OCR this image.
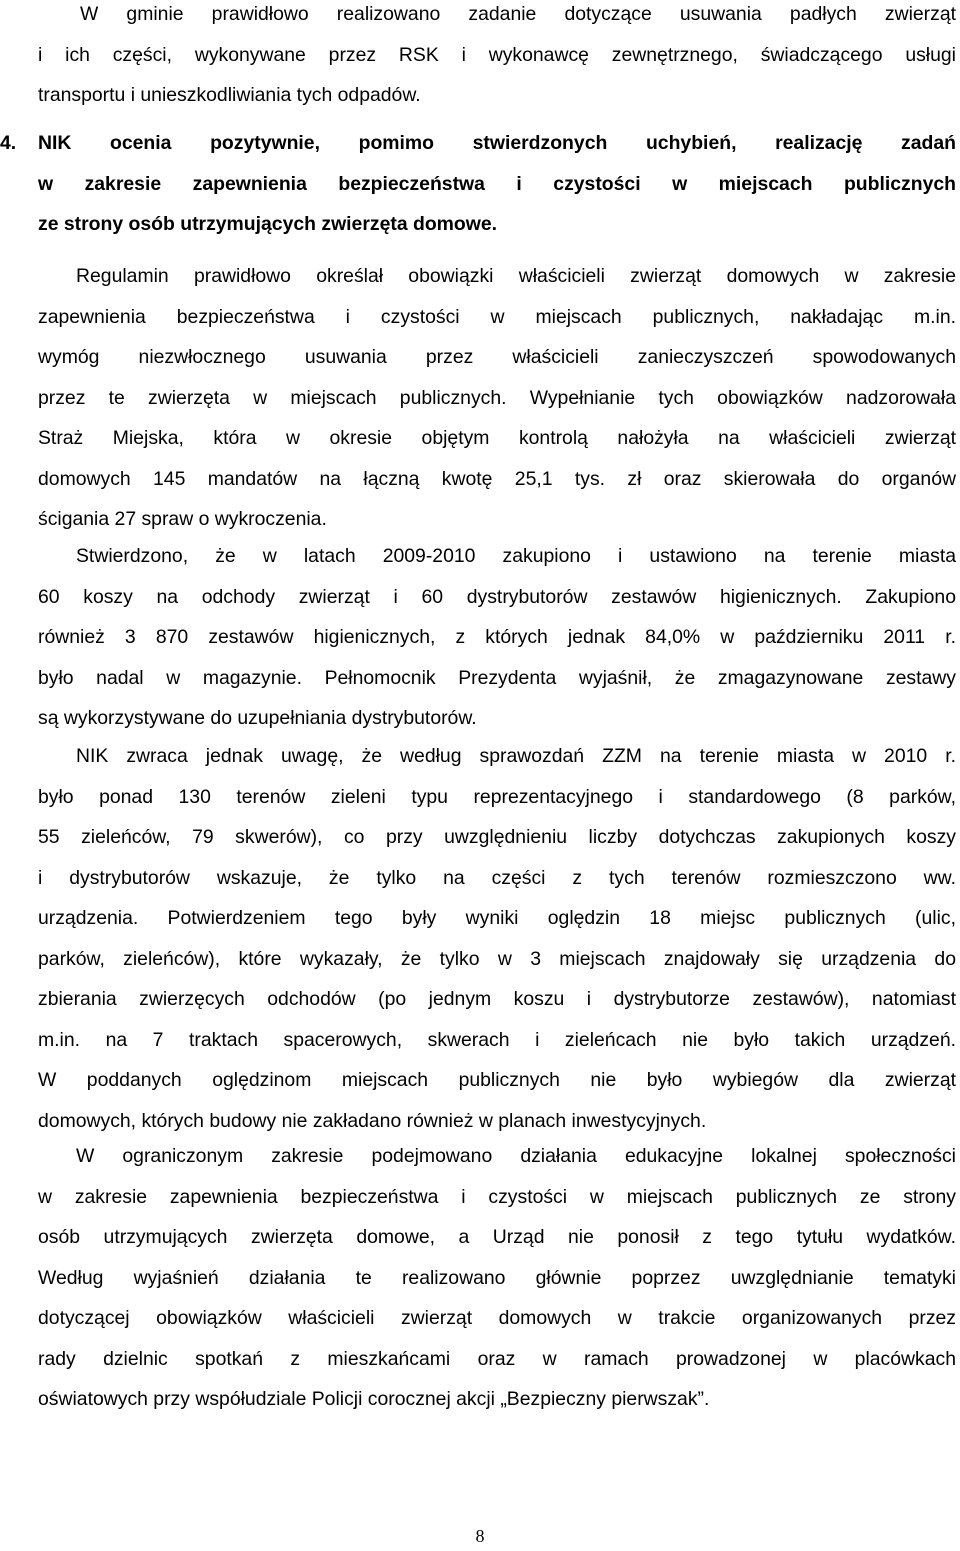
W gminie prawidłowo realizowano zadanie dotyczące usuwania padłych zwierząt
i ich części, wykonywane przez RSK i wykonawcę zewnętrznego, świadczącego usługi
transportu i unieszkodliwiania tych odpadów.
4. NIK ocenia pozytywnie, pomimo stwierdzonych uchybień, realizację zadań
w zakresie zapewnienia bezpieczeństwa i czystości w miejscach publicznych
ze strony osób utrzymujących zwierzęta domowe.
Regulamin prawidłowo określał obowiązki właścicieli zwierząt domowych w zakresie
zapewnienia bezpieczeństwa i czystości w miejscach publicznych, nakładając m.in.
wymóg niezwłocznego usuwania przez właścicieli zanieczyszczeń spowodowanych
przez te zwierzęta w miejscach publicznych. Wypełnianie tych obowiązków nadzorowała
Straż Miejska, która w okresie objętym kontrolą nałożyła na właścicieli zwierząt
domowych 145 mandatów na łączną kwotę 25,1 tys. zł oraz skierowała do organów
ścigania 27 spraw o wykroczenia.
Stwierdzono, że w latach 2009-2010 zakupiono i ustawiono na terenie miasta
60 koszy na odchody zwierząt i 60 dystrybutorów zestawów higienicznych. Zakupiono
również 3 870 zestawów higienicznych, z których jednak 84,0% w październiku 2011 r.
było nadal w magazynie. Pełnomocnik Prezydenta wyjaśnił, że zmagazynowane zestawy
są wykorzystywane do uzupełniania dystrybutorów.
NIK zwraca jednak uwagę, że według sprawozdań ZZM na terenie miasta w 2010 r.
było ponad 130 terenów zieleni typu reprezentacyjnego i standardowego (8 parków,
55 zieleńców, 79 skwerów), co przy uwzględnieniu liczby dotychczas zakupionych koszy
i dystrybutorów wskazuje, że tylko na części z tych terenów rozmieszczono ww.
urządzenia. Potwierdzeniem tego były wyniki oględzin 18 miejsc publicznych (ulic,
parków, zieleńców), które wykazały, że tylko w 3 miejscach znajdowały się urządzenia do
zbierania zwierzęcych odchodów (po jednym koszu i dystrybutorze zestawów), natomiast
m.in. na 7 traktach spacerowych, skwerach i zieleńcach nie było takich urządzeń.
W poddanych oględzinom miejscach publicznych nie było wybiegów dla zwierząt
domowych, których budowy nie zakładano również w planach inwestycyjnych.
W ograniczonym zakresie podejmowano działania edukacyjne lokalnej społeczności
w zakresie zapewnienia bezpieczeństwa i czystości w miejscach publicznych ze strony
osób utrzymujących zwierzęta domowe, a Urząd nie ponosił z tego tytułu wydatków.
Według wyjaśnień działania te realizowano głównie poprzez uwzględnianie tematyki
dotyczącej obowiązków właścicieli zwierząt domowych w trakcie organizowanych przez
rady dzielnic spotkań z mieszkańcami oraz w ramach prowadzonej w placówkach
oświatowych przy współudziale Policji corocznej akcji „Bezpieczny pierwszak”.
8
